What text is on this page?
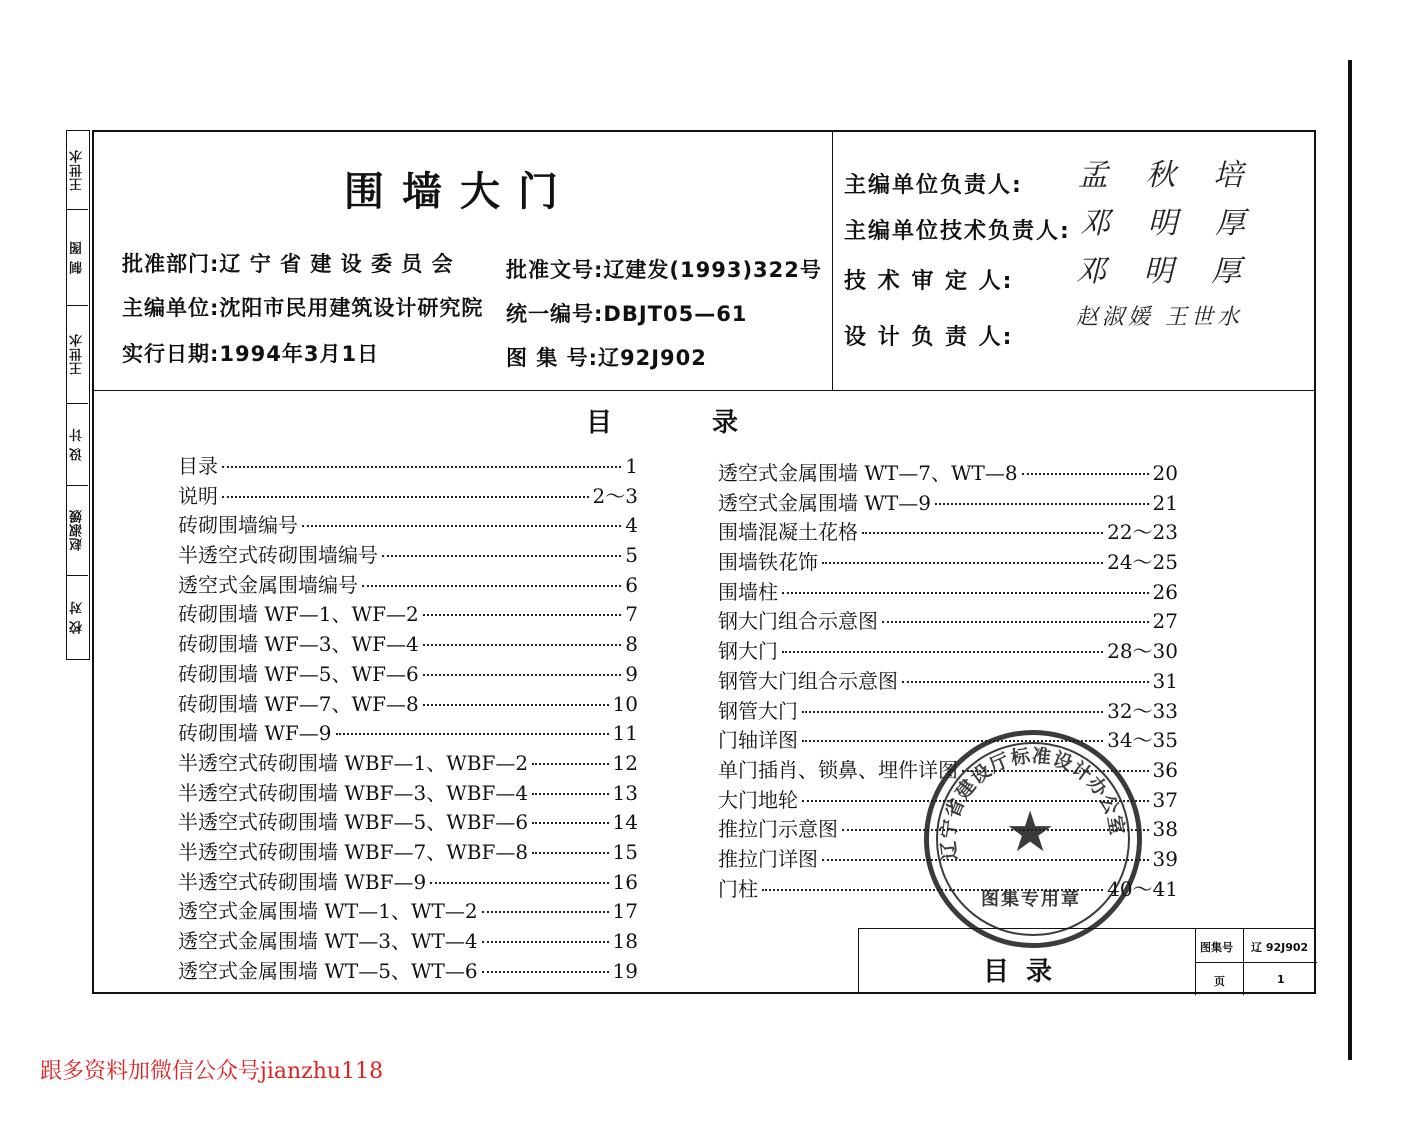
王世水
制 图
王世水
设 计
赵淑媛
校 对
围墙大门
批准部门:辽 宁 省 建 设 委 员 会 批准文号:辽建发(1993)322号
主编单位:沈阳市民用建筑设计研究院 统一编号:DBJT05—61
实行日期:1994年3月1日	图 集 号:辽92J902
主编单位负责人: 孟 秋 培
主编单位技术负责人: 邓 明 厚
技 术 审 定 人: 邓 明 厚
设 计 负 责 人:
赵淑媛 王世水
目	录
目录	1
说明	2～3
砖砌围墙编号	4
半透空式砖砌围墙编号	5
透空式金属围墙编号	6
砖砌围墙 WF—1、WF—2	7
砖砌围墙 WF—3、WF—4	8
砖砌围墙 WF—5、WF—6	9
砖砌围墙 WF—7、WF—8	10
砖砌围墙 WF—9	11
半透空式砖砌围墙 WBF—1、WBF—2	12
半透空式砖砌围墙 WBF—3、WBF—4	13
半透空式砖砌围墙 WBF—5、WBF—6	14
半透空式砖砌围墙 WBF—7、WBF—8	15
半透空式砖砌围墙 WBF—9	16
透空式金属围墙 WT—1、WT—2	17
透空式金属围墙 WT—3、WT—4	18
透空式金属围墙 WT—5、WT—6	19
透空式金属围墙 WT—7、WT—8	20
透空式金属围墙 WT—9	21
围墙混凝土花格	22～23
围墙铁花饰	24～25
围墙柱	26
钢大门组合示意图	27
钢大门	28～30
钢管大门组合示意图	31
钢管大门	32～33
门轴详图	34～35
单门插肖、锁鼻、埋件详图	36
大门地轮	37
推拉门示意图	38
推拉门详图	39
门柱	40～41
辽宁省建设厅标准设计办公室
★
图集专用章
目 录
图集号 辽 92J902
页	1
跟多资料加微信公众号jianzhu118
